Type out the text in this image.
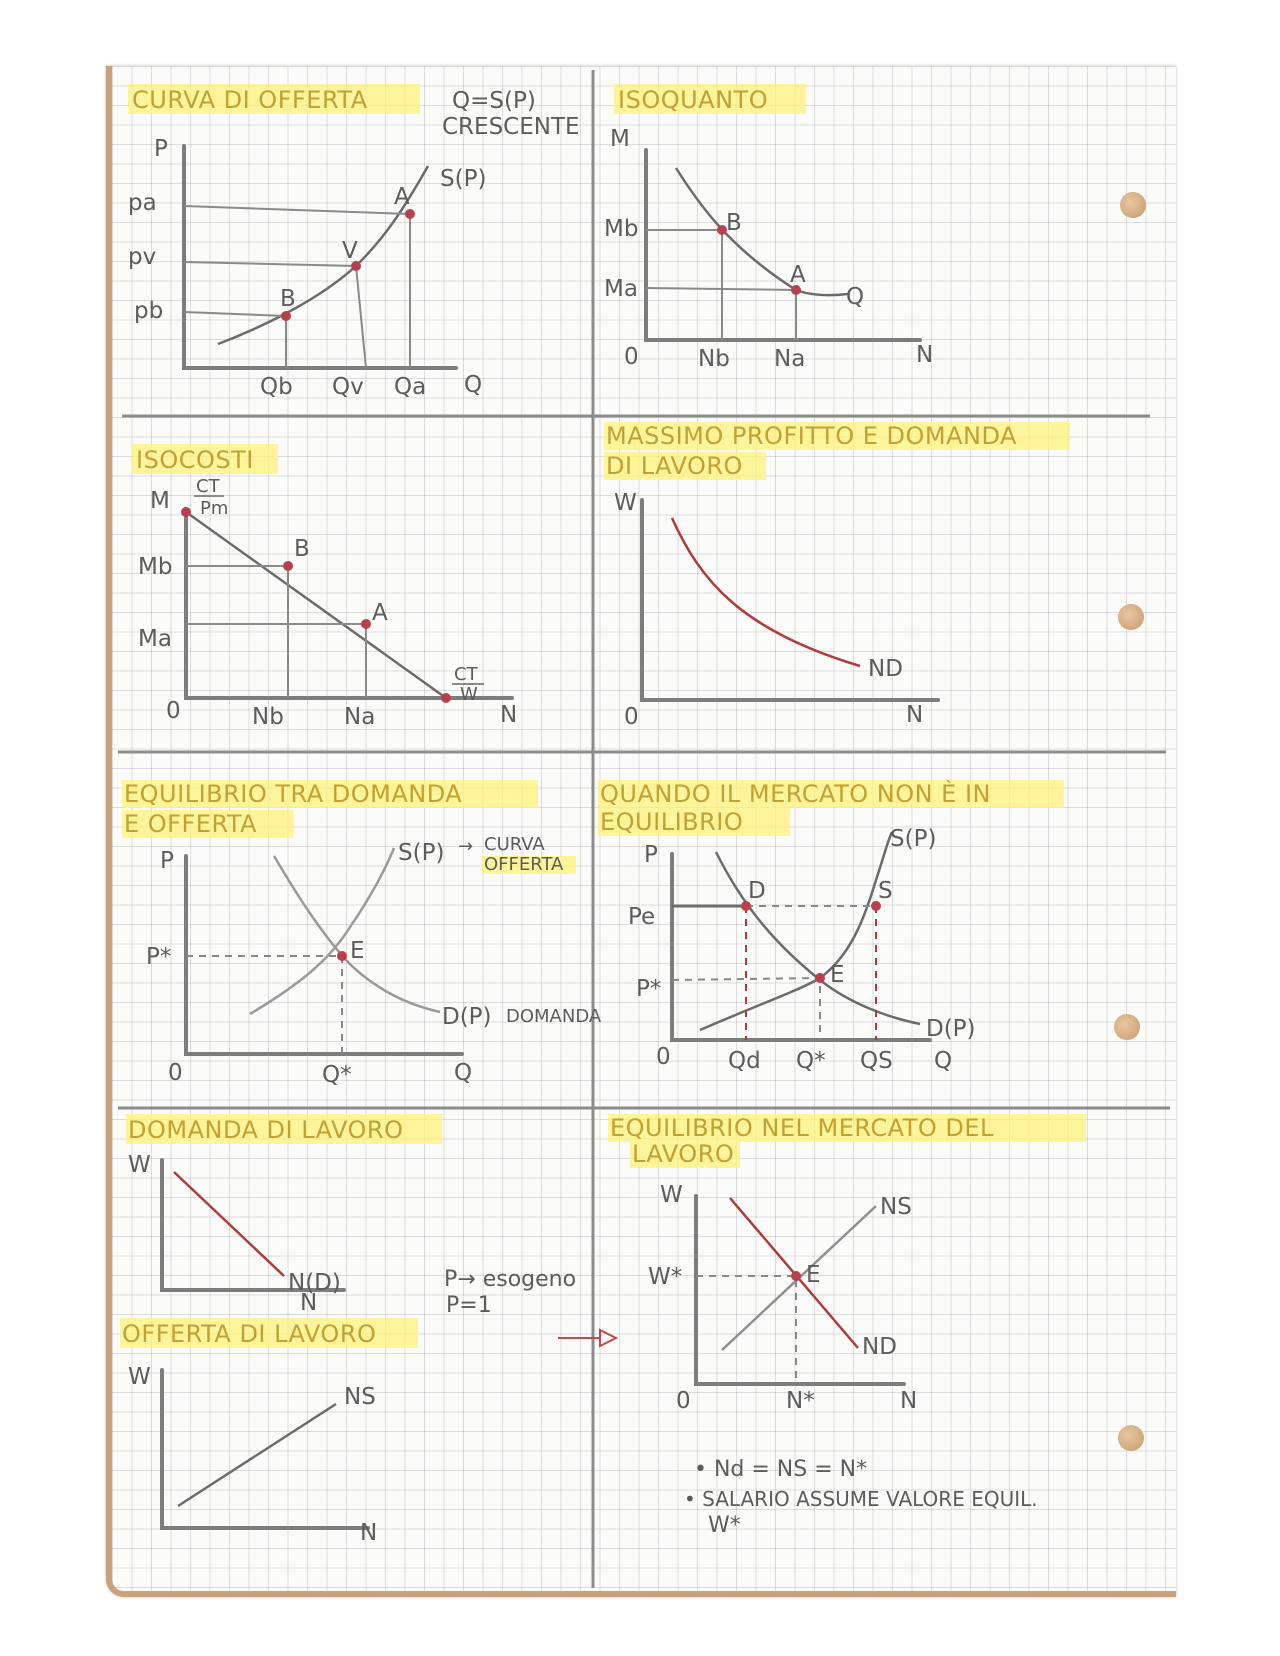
CURVA DI OFFERTA	Q=S(P)
CRESCENTE
S(P)
P
Q
A
V
B
pa
pv
pb
Qb Qv Qa
ISOQUANTO
M
N
0
B
A
Q
Mb
Ma
Nb Na
ISOCOSTI
M
CT
Pm
0	N
B
A
CT
W
Mb
Ma
Nb	Na
MASSIMO PROFITTO E DOMANDA
DI LAVORO
W
0	N
ND
EQUILIBRIO TRA DOMANDA
E OFFERTA
P
0	Q
E
P*
Q*
S(P) → CURVA
OFFERTA
D(P) DOMANDA
QUANDO IL MERCATO NON È IN
EQUILIBRIO
P
0	Q
D	S
E
Pe
P*
Qd Q* QS
S(P)
D(P)
DOMANDA DI LAVORO
W
N
N(D)	P→ esogeno
P=1
OFFERTA DI LAVORO
W
N
NS
EQUILIBRIO NEL MERCATO DEL
LAVORO
W
0	N
E
W*
N*
NS
ND
• Nd = NS = N*
• SALARIO ASSUME VALORE EQUIL.
W*
